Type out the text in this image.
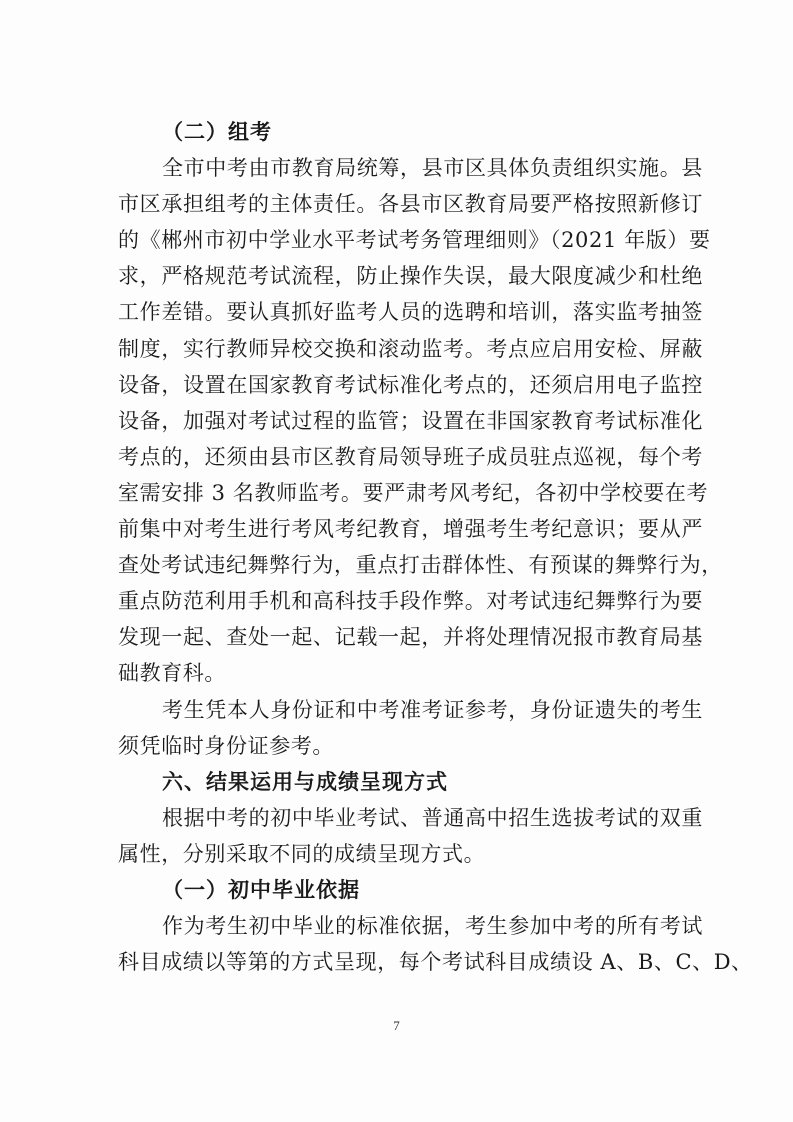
（二）组考
全市中考由市教育局统筹，县市区具体负责组织实施。县
市区承担组考的主体责任。各县市区教育局要严格按照新修订
的《郴州市初中学业水平考试考务管理细则》（2021 年版）要
求，严格规范考试流程，防止操作失误，最大限度减少和杜绝
工作差错。要认真抓好监考人员的选聘和培训，落实监考抽签
制度，实行教师异校交换和滚动监考。考点应启用安检、屏蔽
设备，设置在国家教育考试标准化考点的，还须启用电子监控
设备，加强对考试过程的监管；设置在非国家教育考试标准化
考点的，还须由县市区教育局领导班子成员驻点巡视，每个考
室需安排 3 名教师监考。要严肃考风考纪，各初中学校要在考
前集中对考生进行考风考纪教育，增强考生考纪意识；要从严
查处考试违纪舞弊行为，重点打击群体性、有预谋的舞弊行为，
重点防范利用手机和高科技手段作弊。对考试违纪舞弊行为要
发现一起、查处一起、记载一起，并将处理情况报市教育局基
础教育科。
考生凭本人身份证和中考准考证参考，身份证遗失的考生
须凭临时身份证参考。
六、结果运用与成绩呈现方式
根据中考的初中毕业考试、普通高中招生选拔考试的双重
属性，分别采取不同的成绩呈现方式。
（一）初中毕业依据
作为考生初中毕业的标准依据，考生参加中考的所有考试
科目成绩以等第的方式呈现，每个考试科目成绩设 A、B、C、D、
7
